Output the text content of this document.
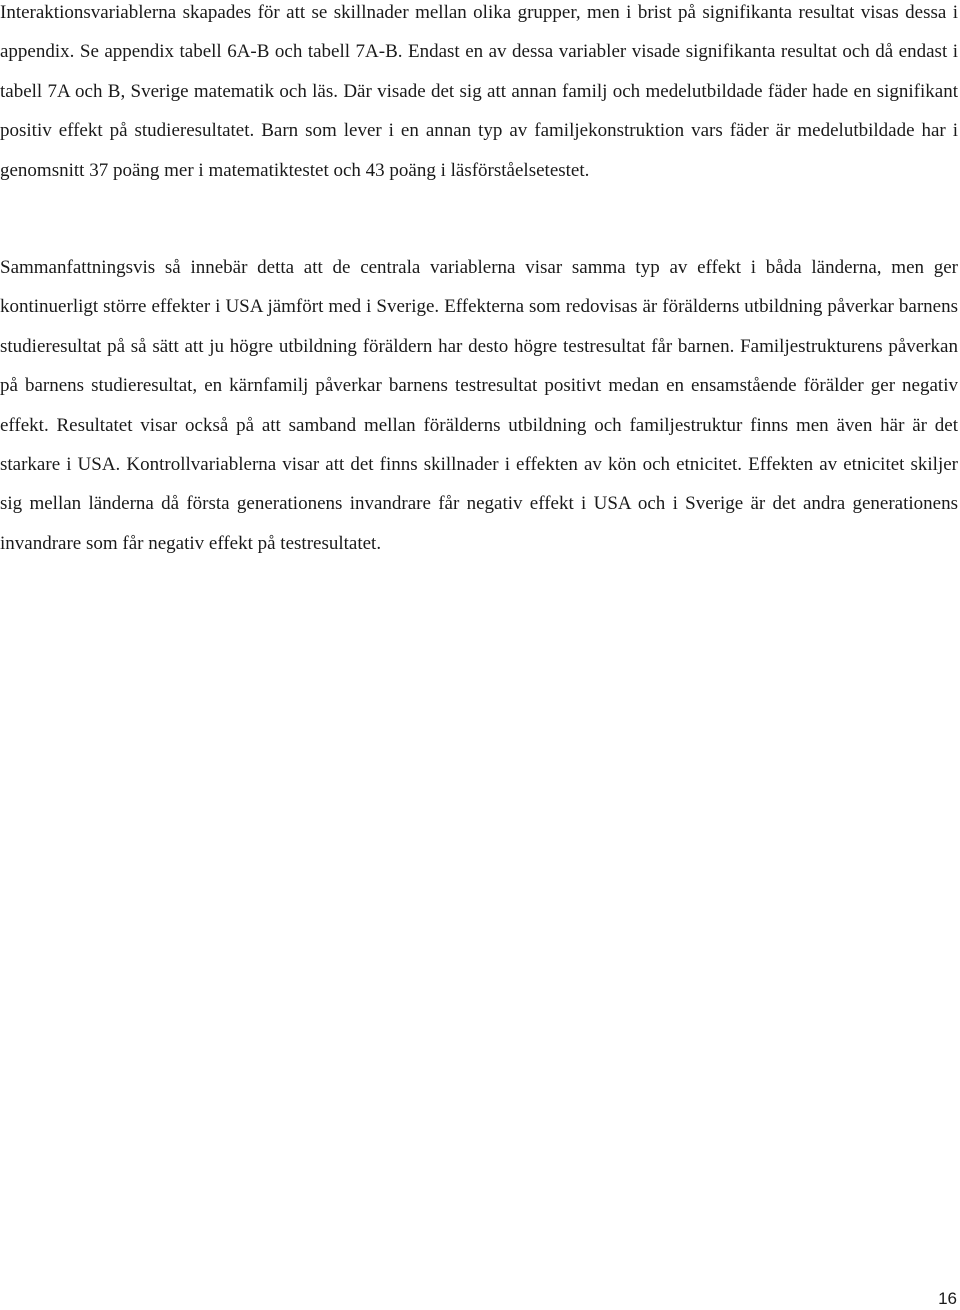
Interaktionsvariablerna skapades för att se skillnader mellan olika grupper, men i brist på signifikanta resultat visas dessa i appendix. Se appendix tabell 6A-B och tabell 7A-B. Endast en av dessa variabler visade signifikanta resultat och då endast i tabell 7A och B, Sverige matematik och läs. Där visade det sig att annan familj och medelutbildade fäder hade en signifikant positiv effekt på studieresultatet. Barn som lever i en annan typ av familjekonstruktion vars fäder är medelutbildade har i genomsnitt 37 poäng mer i matematiktestet och 43 poäng i läsförståelsetestet.

Sammanfattningsvis så innebär detta att de centrala variablerna visar samma typ av effekt i båda länderna, men ger kontinuerligt större effekter i USA jämfört med i Sverige. Effekterna som redovisas är förälderns utbildning påverkar barnens studieresultat på så sätt att ju högre utbildning föräldern har desto högre testresultat får barnen. Familjestrukturens påverkan på barnens studieresultat, en kärnfamilj påverkar barnens testresultat positivt medan en ensamstående förälder ger negativ effekt. Resultatet visar också på att samband mellan förälderns utbildning och familjestruktur finns men även här är det starkare i USA. Kontrollvariablerna visar att det finns skillnader i effekten av kön och etnicitet. Effekten av etnicitet skiljer sig mellan länderna då första generationens invandrare får negativ effekt i USA och i Sverige är det andra generationens invandrare som får negativ effekt på testresultatet.

16
